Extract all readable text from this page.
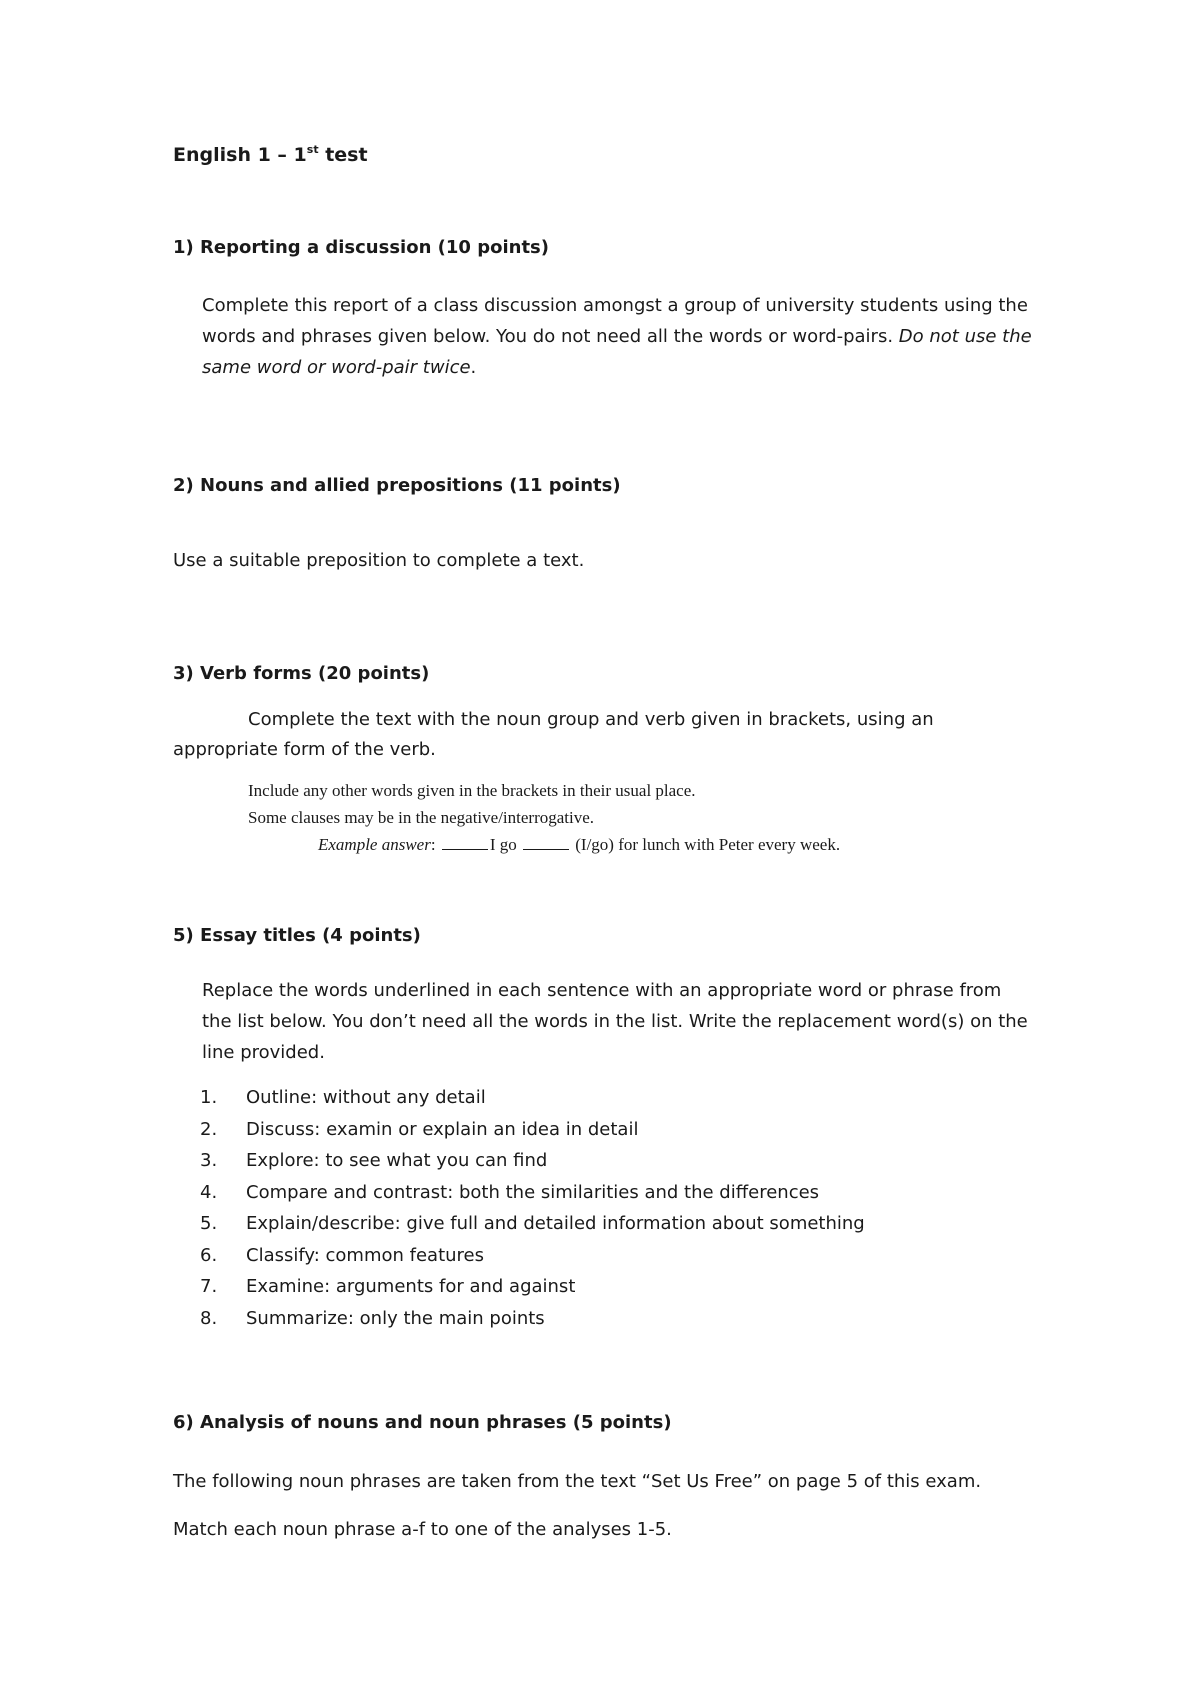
English 1 – 1st test
1) Reporting a discussion (10 points)
Complete this report of a class discussion amongst a group of university students using the
words and phrases given below. You do not need all the words or word-pairs. Do not use the
same word or word-pair twice.
2) Nouns and allied prepositions (11 points)
Use a suitable preposition to complete a text.
3) Verb forms (20 points)
Complete the text with the noun group and verb given in brackets, using an
appropriate form of the verb.
Include any other words given in the brackets in their usual place.
Some clauses may be in the negative/interrogative.
Example answer:	I go	(I/go) for lunch with Peter every week.
5) Essay titles (4 points)
Replace the words underlined in each sentence with an appropriate word or phrase from
the list below. You don’t need all the words in the list. Write the replacement word(s) on the
line provided.
1. Outline: without any detail
2. Discuss: examin or explain an idea in detail
3. Explore: to see what you can find
4. Compare and contrast: both the similarities and the differences
5. Explain/describe: give full and detailed information about something
6. Classify: common features
7. Examine: arguments for and against
8. Summarize: only the main points
6) Analysis of nouns and noun phrases (5 points)
The following noun phrases are taken from the text “Set Us Free” on page 5 of this exam.
Match each noun phrase a-f to one of the analyses 1-5.
